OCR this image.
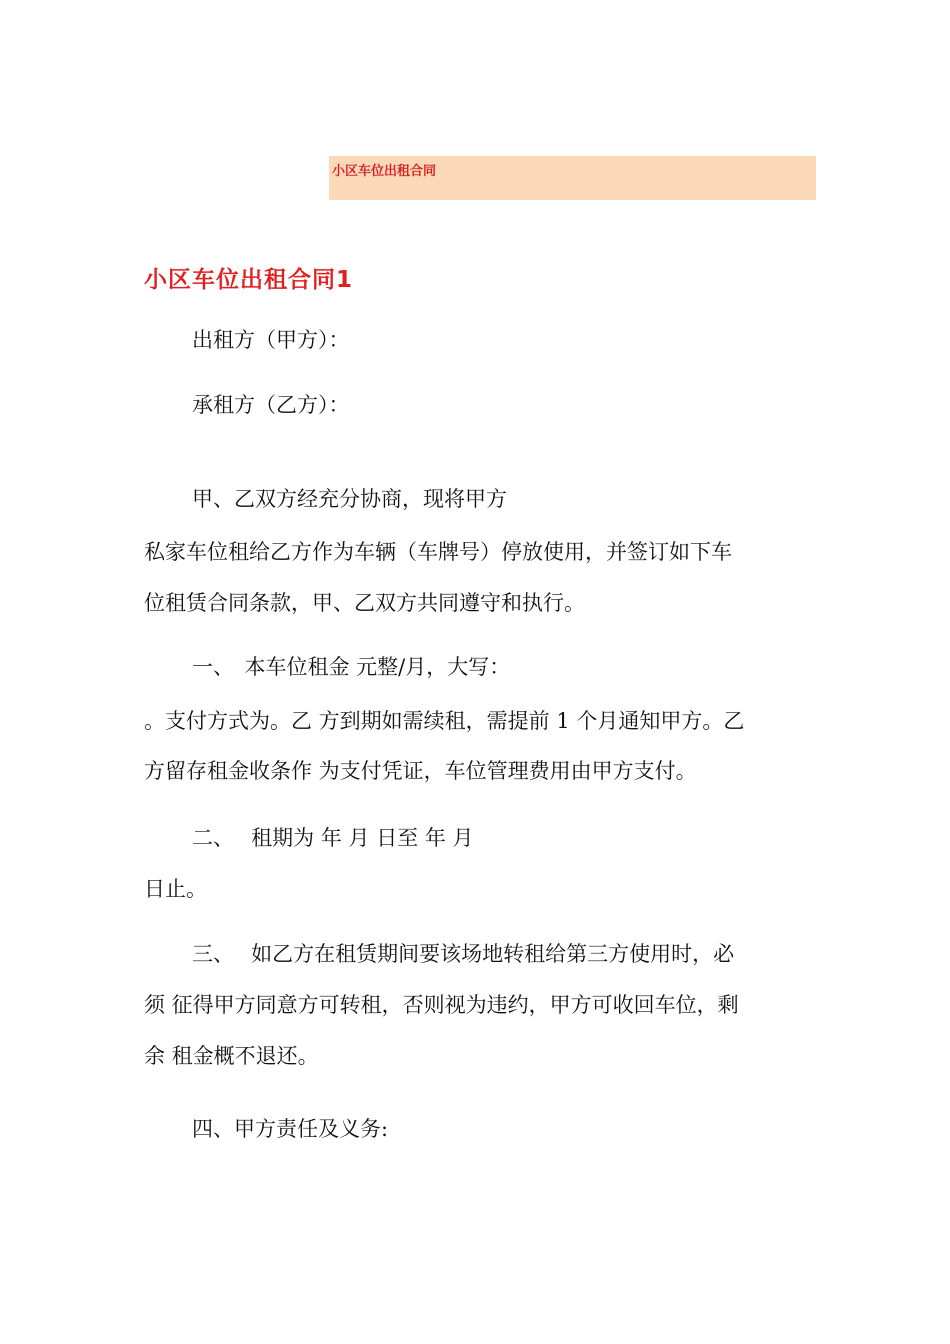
小区车位出租合同
小区车位出租合同1
出租方（甲方）：
承租方（乙方）：
甲、乙双方经充分协商，现将甲方
私家车位租给乙方作为车辆（车牌号）停放使用，并签订如下车
位租赁合同条款，甲、乙双方共同遵守和执行。
一、　本车位租金 元整/月，大写：
。支付方式为。乙 方到期如需续租，需提前 1 个月通知甲方。乙
方留存租金收条作 为支付凭证，车位管理费用由甲方支付。
二、　 租期为 年 月 日至 年 月
日止。
三、　 如乙方在租赁期间要该场地转租给第三方使用时，必
须 征得甲方同意方可转租，否则视为违约，甲方可收回车位，剩
余 租金概不退还。
四、甲方责任及义务:
